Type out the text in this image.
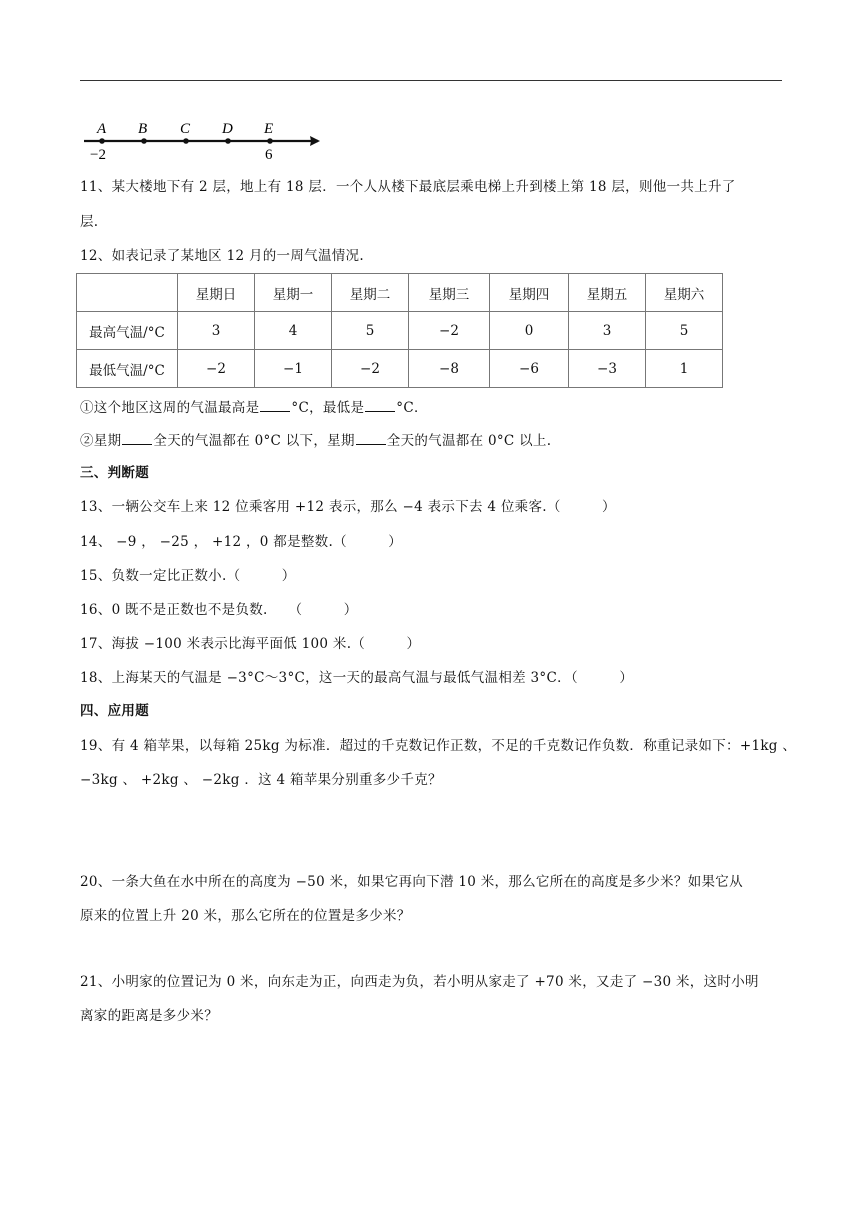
A B C D E
−2	6
11、某大楼地下有 2 层，地上有 18 层．一个人从楼下最底层乘电梯上升到楼上第 18 层，则他一共上升了
层.
12、如表记录了某地区 12 月的一周气温情况.
	星期日	星期一	星期二	星期三	星期四	星期五	星期六
最高气温/°C	3	4	5	−2	0	3	5
最低气温/°C	−2	−1	−2	−8	−6	−3	1
①这个地区这周的气温最高是 °C，最低是 °C．
②星期 全天的气温都在 0°C 以下，星期 全天的气温都在 0°C 以上.
三、判断题
13、一辆公交车上来 12 位乘客用 +12 表示，那么 −4 表示下去 4 位乘客.（　　　）
14、 −9 ， −25 ， +12 ，0 都是整数.（　　　）
15、负数一定比正数小.（　　　）
16、0 既不是正数也不是负数.　　（　　　）
17、海拔 −100 米表示比海平面低 100 米.（　　　）
18、上海某天的气温是 −3°C～3°C，这一天的最高气温与最低气温相差 3°C．（　　　）
四、应用题
19、有 4 箱苹果，以每箱 25kg 为标准．超过的千克数记作正数，不足的千克数记作负数．称重记录如下：+1kg 、
−3kg 、 +2kg 、 −2kg ．这 4 箱苹果分别重多少千克？
20、一条大鱼在水中所在的高度为 −50 米，如果它再向下潜 10 米，那么它所在的高度是多少米？如果它从
原来的位置上升 20 米，那么它所在的位置是多少米？
21、小明家的位置记为 0 米，向东走为正，向西走为负，若小明从家走了 +70 米，又走了 −30 米，这时小明
离家的距离是多少米？
